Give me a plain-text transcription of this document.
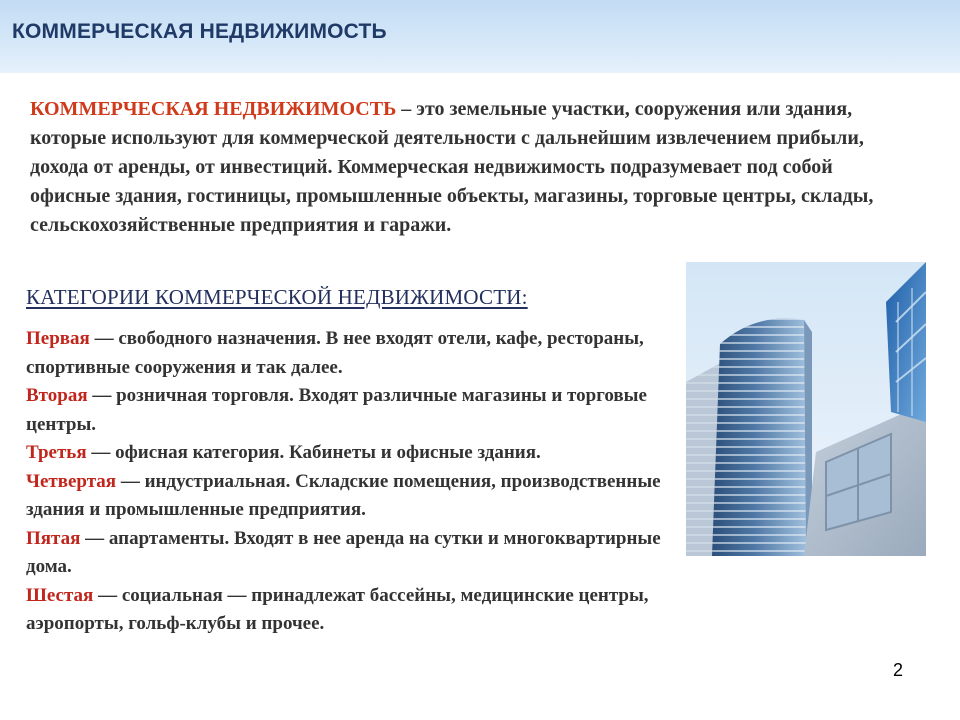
КОММЕРЧЕСКАЯ НЕДВИЖИМОСТЬ

КОММЕРЧЕСКАЯ НЕДВИЖИМОСТЬ – это земельные участки, сооружения или здания, которые используют для коммерческой деятельности с дальнейшим извлечением прибыли, дохода от аренды, от инвестиций. Коммерческая недвижимость подразумевает под собой офисные здания, гостиницы, промышленные объекты, магазины, торговые центры, склады, сельскохозяйственные предприятия и гаражи.

КАТЕГОРИИ КОММЕРЧЕСКОЙ НЕДВИЖИМОСТИ:
Первая — свободного назначения. В нее входят отели, кафе, рестораны, спортивные сооружения и так далее.
Вторая — розничная торговля. Входят различные магазины и торговые центры.
Третья — офисная категория. Кабинеты и офисные здания.
Четвертая — индустриальная. Складские помещения, производственные здания и промышленные предприятия.
Пятая — апартаменты. Входят в нее аренда на сутки и многоквартирные дома.
Шестая — социальная — принадлежат бассейны, медицинские центры, аэропорты, гольф-клубы и прочее.
2
